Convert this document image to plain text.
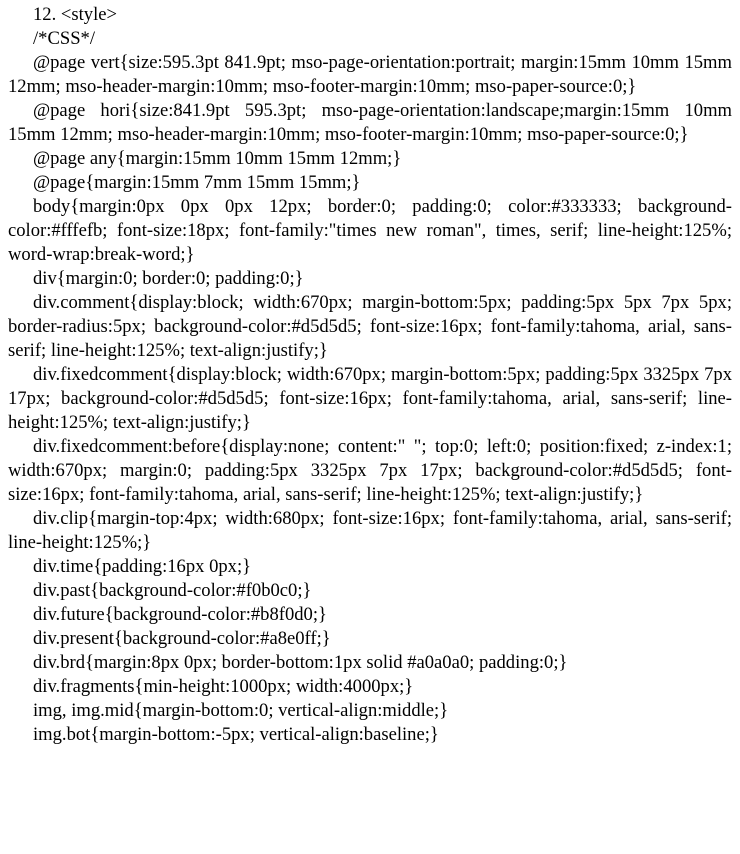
12. <style>

/*CSS*/

@page vert{size:595.3pt 841.9pt; mso-page-orientation:portrait; margin:15mm 10mm 15mm 12mm; mso-header-margin:10mm; mso-footer-margin:10mm; mso-paper-source:0;}

@page hori{size:841.9pt 595.3pt; mso-page-orientation:landscape;margin:15mm 10mm 15mm 12mm; mso-header-margin:10mm; mso-footer-margin:10mm; mso-paper-source:0;}

@page any{margin:15mm 10mm 15mm 12mm;}

@page{margin:15mm 7mm 15mm 15mm;}

body{margin:0px 0px 0px 12px; border:0; padding:0; color:#333333; background-color:#fffefb; font-size:18px; font-family:"times new roman", times, serif; line-height:125%; word-wrap:break-word;}

div{margin:0; border:0; padding:0;}

div.comment{display:block; width:670px; margin-bottom:5px; padding:5px 5px 7px 5px; border-radius:5px; background-color:#d5d5d5; font-size:16px; font-family:tahoma, arial, sans-serif; line-height:125%; text-align:justify;}

div.fixedcomment{display:block; width:670px; margin-bottom:5px; padding:5px 3325px 7px 17px; background-color:#d5d5d5; font-size:16px; font-family:tahoma, arial, sans-serif; line-height:125%; text-align:justify;}

div.fixedcomment:before{display:none; content:" "; top:0; left:0; position:fixed; z-index:1; width:670px; margin:0; padding:5px 3325px 7px 17px; background-color:#d5d5d5; font-size:16px; font-family:tahoma, arial, sans-serif; line-height:125%; text-align:justify;}

div.clip{margin-top:4px; width:680px; font-size:16px; font-family:tahoma, arial, sans-serif; line-height:125%;}

div.time{padding:16px 0px;}

div.past{background-color:#f0b0c0;}

div.future{background-color:#b8f0d0;}

div.present{background-color:#a8e0ff;}

div.brd{margin:8px 0px; border-bottom:1px solid #a0a0a0; padding:0;}

div.fragments{min-height:1000px; width:4000px;}

img, img.mid{margin-bottom:0; vertical-align:middle;}

img.bot{margin-bottom:-5px; vertical-align:baseline;}
